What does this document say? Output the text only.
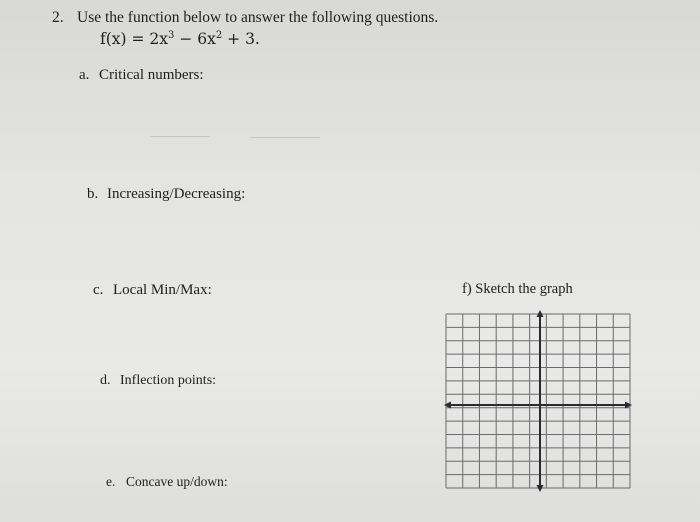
2. Use the function below to answer the following questions.
$f(x) = 2x^3 - 6x^2 + 3$.
a. Critical numbers:
b. Increasing/Decreasing:
c. Local Min/Max:
d. Inflection points:
e. Concave up/down:
f) Sketch the graph
